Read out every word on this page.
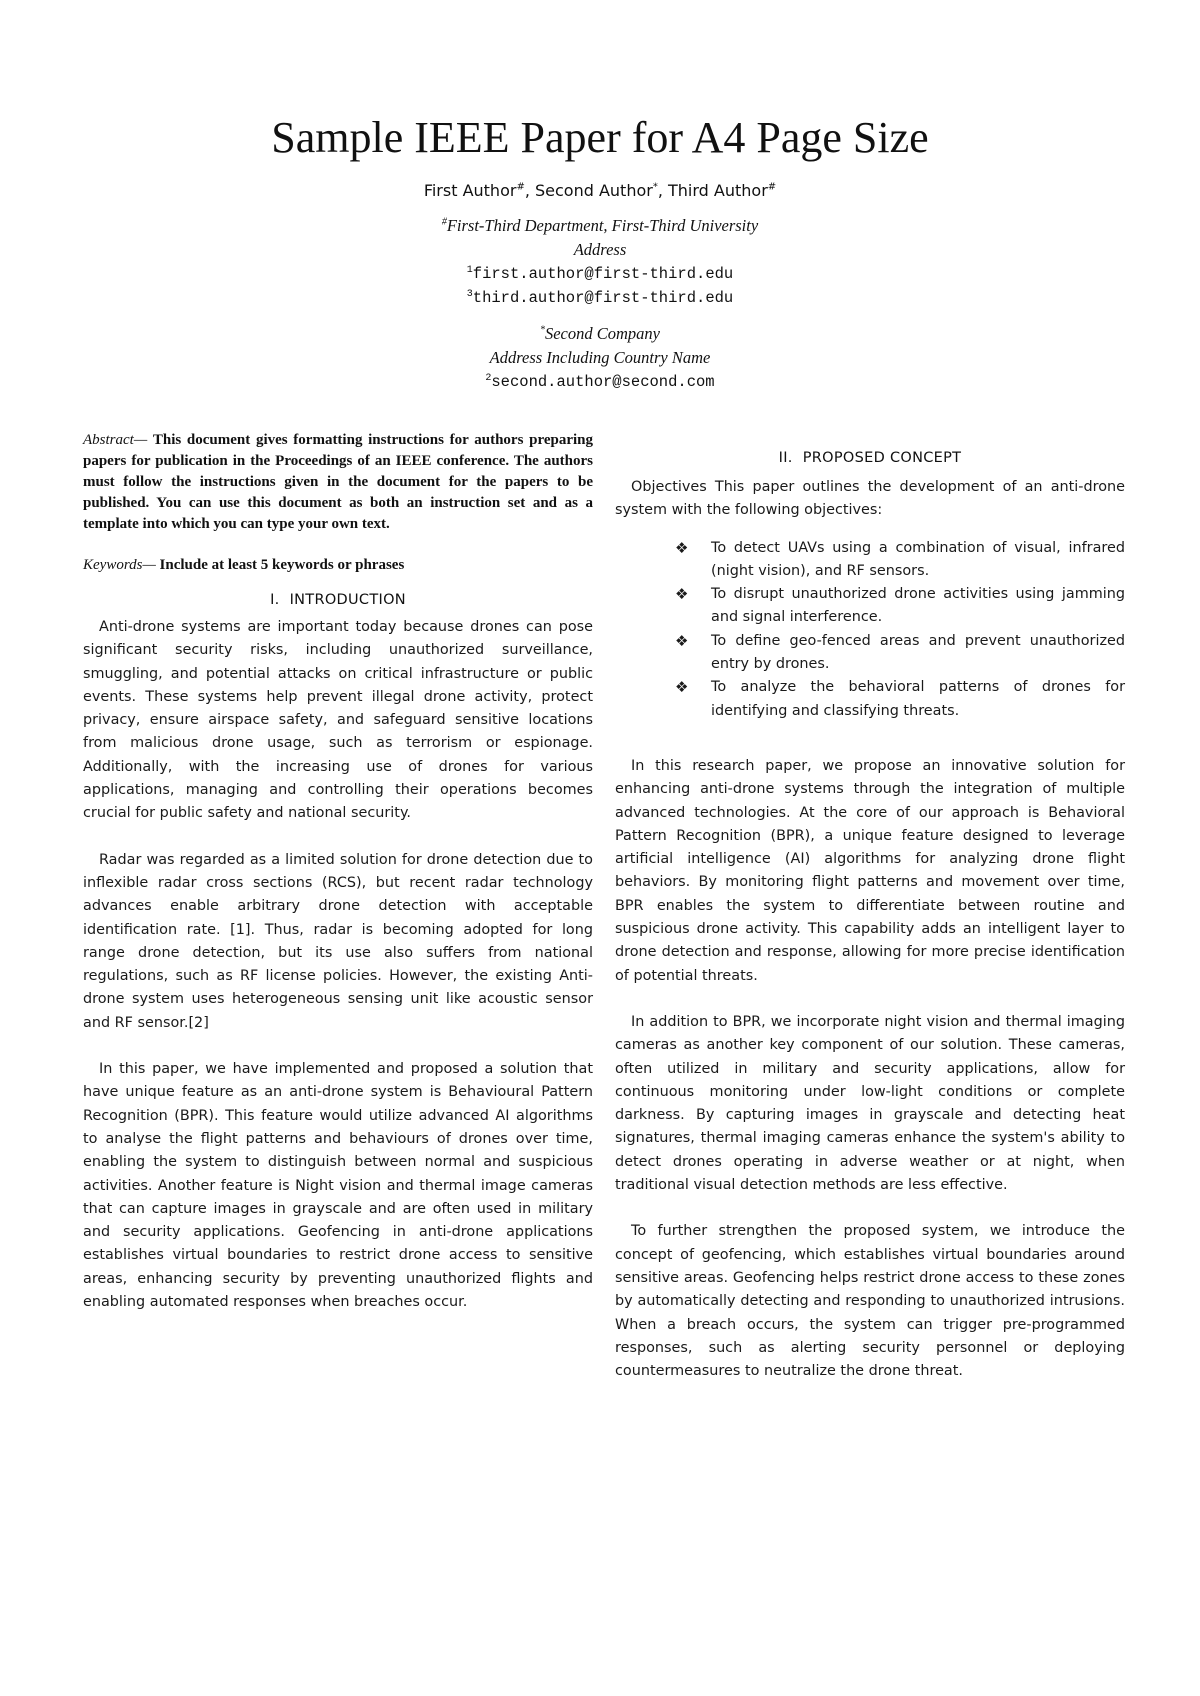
Sample IEEE Paper for A4 Page Size
First Author#, Second Author*, Third Author#
#First-Third Department, First-Third University
Address
$^1$first.author@first-third.edu
$^3$third.author@first-third.edu
*Second Company
Address Including Country Name
$^2$second.author@second.com

Abstract— This document gives formatting instructions for authors preparing papers for publication in the Proceedings of an IEEE conference. The authors must follow the instructions given in the document for the papers to be published. You can use this document as both an instruction set and as a template into which you can type your own text.

Keywords— Include at least 5 keywords or phrases

I. INTRODUCTION

Anti-drone systems are important today because drones can pose significant security risks, including unauthorized surveillance, smuggling, and potential attacks on critical infrastructure or public events. These systems help prevent illegal drone activity, protect privacy, ensure airspace safety, and safeguard sensitive locations from malicious drone usage, such as terrorism or espionage. Additionally, with the increasing use of drones for various applications, managing and controlling their operations becomes crucial for public safety and national security.

Radar was regarded as a limited solution for drone detection due to inflexible radar cross sections (RCS), but recent radar technology advances enable arbitrary drone detection with acceptable identification rate. [1]. Thus, radar is becoming adopted for long range drone detection, but its use also suffers from national regulations, such as RF license policies. However, the existing Anti-drone system uses heterogeneous sensing unit like acoustic sensor and RF sensor.[2]

In this paper, we have implemented and proposed a solution that have unique feature as an anti-drone system is Behavioural Pattern Recognition (BPR). This feature would utilize advanced AI algorithms to analyse the flight patterns and behaviours of drones over time, enabling the system to distinguish between normal and suspicious activities. Another feature is Night vision and thermal image cameras that can capture images in grayscale and are often used in military and security applications. Geofencing in anti-drone applications establishes virtual boundaries to restrict drone access to sensitive areas, enhancing security by preventing unauthorized flights and enabling automated responses when breaches occur.

II. PROPOSED CONCEPT

Objectives This paper outlines the development of an anti-drone system with the following objectives:

❖ To detect UAVs using a combination of visual, infrared (night vision), and RF sensors.
❖ To disrupt unauthorized drone activities using jamming and signal interference.
❖ To define geo-fenced areas and prevent unauthorized entry by drones.
❖ To analyze the behavioral patterns of drones for identifying and classifying threats.

In this research paper, we propose an innovative solution for enhancing anti-drone systems through the integration of multiple advanced technologies. At the core of our approach is Behavioral Pattern Recognition (BPR), a unique feature designed to leverage artificial intelligence (AI) algorithms for analyzing drone flight behaviors. By monitoring flight patterns and movement over time, BPR enables the system to differentiate between routine and suspicious drone activity. This capability adds an intelligent layer to drone detection and response, allowing for more precise identification of potential threats.

In addition to BPR, we incorporate night vision and thermal imaging cameras as another key component of our solution. These cameras, often utilized in military and security applications, allow for continuous monitoring under low-light conditions or complete darkness. By capturing images in grayscale and detecting heat signatures, thermal imaging cameras enhance the system's ability to detect drones operating in adverse weather or at night, when traditional visual detection methods are less effective.

To further strengthen the proposed system, we introduce the concept of geofencing, which establishes virtual boundaries around sensitive areas. Geofencing helps restrict drone access to these zones by automatically detecting and responding to unauthorized intrusions. When a breach occurs, the system can trigger pre-programmed responses, such as alerting security personnel or deploying countermeasures to neutralize the drone threat.
